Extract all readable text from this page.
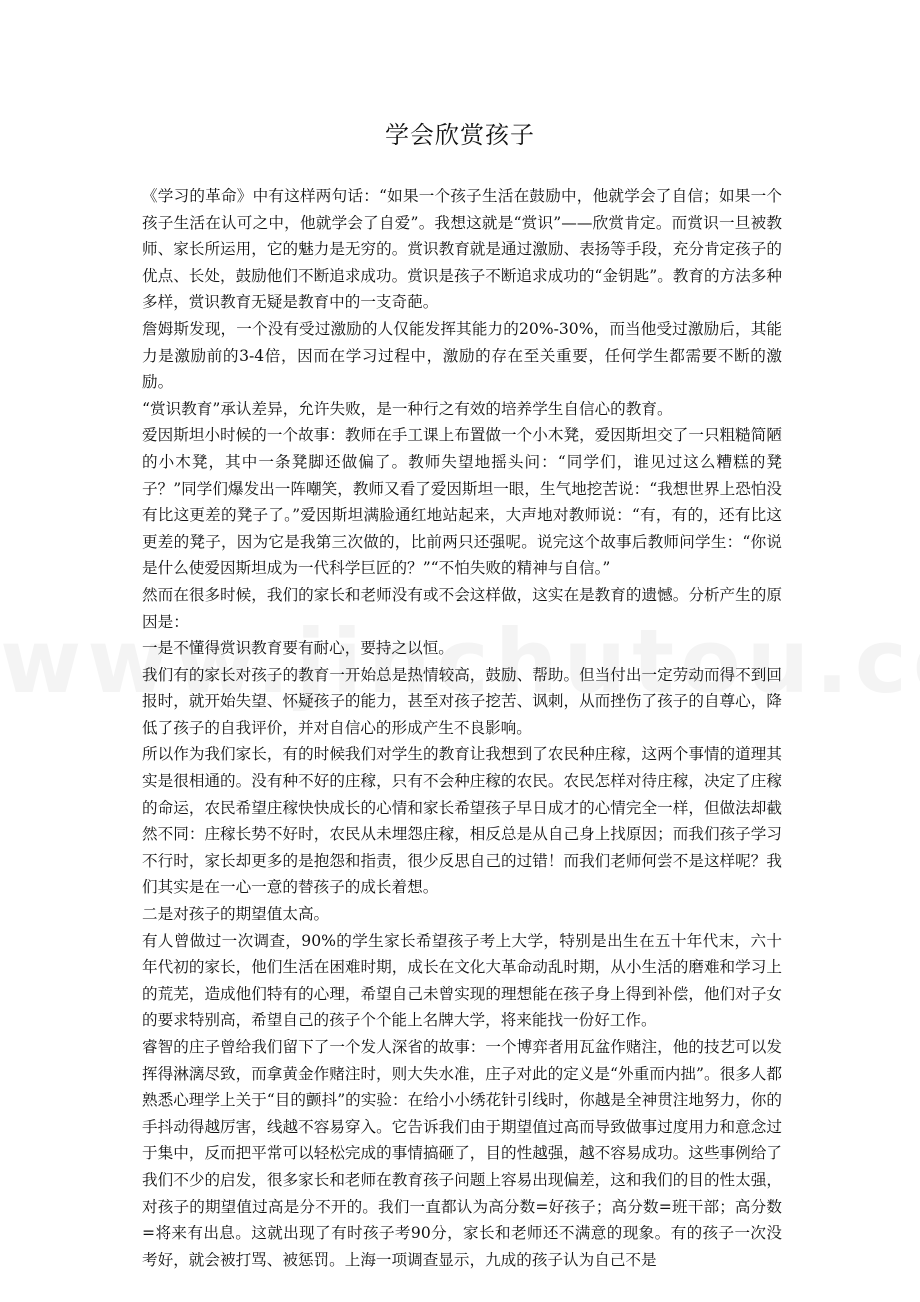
学会欣赏孩子

《学习的革命》中有这样两句话：“如果一个孩子生活在鼓励中，他就学会了自信；如果一个孩子生活在认可之中，他就学会了自爱”。我想这就是“赏识”——欣赏肯定。而赏识一旦被教师、家长所运用，它的魅力是无穷的。赏识教育就是通过激励、表扬等手段，充分肯定孩子的优点、长处，鼓励他们不断追求成功。赏识是孩子不断追求成功的“金钥匙”。教育的方法多种多样，赏识教育无疑是教育中的一支奇葩。

詹姆斯发现，一个没有受过激励的人仅能发挥其能力的20%-30%，而当他受过激励后，其能力是激励前的3-4倍，因而在学习过程中，激励的存在至关重要，任何学生都需要不断的激励。

“赏识教育”承认差异，允许失败，是一种行之有效的培养学生自信心的教育。

爱因斯坦小时候的一个故事：教师在手工课上布置做一个小木凳，爱因斯坦交了一只粗糙简陋的小木凳，其中一条凳脚还做偏了。教师失望地摇头问：“同学们，谁见过这么糟糕的凳子？”同学们爆发出一阵嘲笑，教师又看了爱因斯坦一眼，生气地挖苦说：“我想世界上恐怕没有比这更差的凳子了。”爱因斯坦满脸通红地站起来，大声地对教师说：“有，有的，还有比这更差的凳子，因为它是我第三次做的，比前两只还强呢。说完这个故事后教师问学生：“你说是什么使爱因斯坦成为一代科学巨匠的？”“不怕失败的精神与自信。”

然而在很多时候，我们的家长和老师没有或不会这样做，这实在是教育的遗憾。分析产生的原因是：

一是不懂得赏识教育要有耐心，要持之以恒。

我们有的家长对孩子的教育一开始总是热情较高，鼓励、帮助。但当付出一定劳动而得不到回报时，就开始失望、怀疑孩子的能力，甚至对孩子挖苦、讽刺，从而挫伤了孩子的自尊心，降低了孩子的自我评价，并对自信心的形成产生不良影响。

所以作为我们家长，有的时候我们对学生的教育让我想到了农民种庄稼，这两个事情的道理其实是很相通的。没有种不好的庄稼，只有不会种庄稼的农民。农民怎样对待庄稼，决定了庄稼的命运，农民希望庄稼快快成长的心情和家长希望孩子早日成才的心情完全一样，但做法却截然不同：庄稼长势不好时，农民从未埋怨庄稼，相反总是从自己身上找原因；而我们孩子学习不行时，家长却更多的是抱怨和指责，很少反思自己的过错！而我们老师何尝不是这样呢？我们其实是在一心一意的替孩子的成长着想。

二是对孩子的期望值太高。

有人曾做过一次调查，90%的学生家长希望孩子考上大学，特别是出生在五十年代末，六十年代初的家长，他们生活在困难时期，成长在文化大革命动乱时期，从小生活的磨难和学习上的荒芜，造成他们特有的心理，希望自己未曾实现的理想能在孩子身上得到补偿，他们对子女的要求特别高，希望自己的孩子个个能上名牌大学，将来能找一份好工作。

睿智的庄子曾给我们留下了一个发人深省的故事：一个博弈者用瓦盆作赌注，他的技艺可以发挥得淋漓尽致，而拿黄金作赌注时，则大失水准，庄子对此的定义是“外重而内拙”。很多人都熟悉心理学上关于“目的颤抖”的实验：在给小小绣花针引线时，你越是全神贯注地努力，你的手抖动得越厉害，线越不容易穿入。它告诉我们由于期望值过高而导致做事过度用力和意念过于集中，反而把平常可以轻松完成的事情搞砸了，目的性越强，越不容易成功。这些事例给了我们不少的启发，很多家长和老师在教育孩子问题上容易出现偏差，这和我们的目的性太强，对孩子的期望值过高是分不开的。我们一直都认为高分数=好孩子；高分数=班干部；高分数=将来有出息。这就出现了有时孩子考90分，家长和老师还不满意的现象。有的孩子一次没考好，就会被打骂、被惩罚。上海一项调查显示，九成的孩子认为自己不是
